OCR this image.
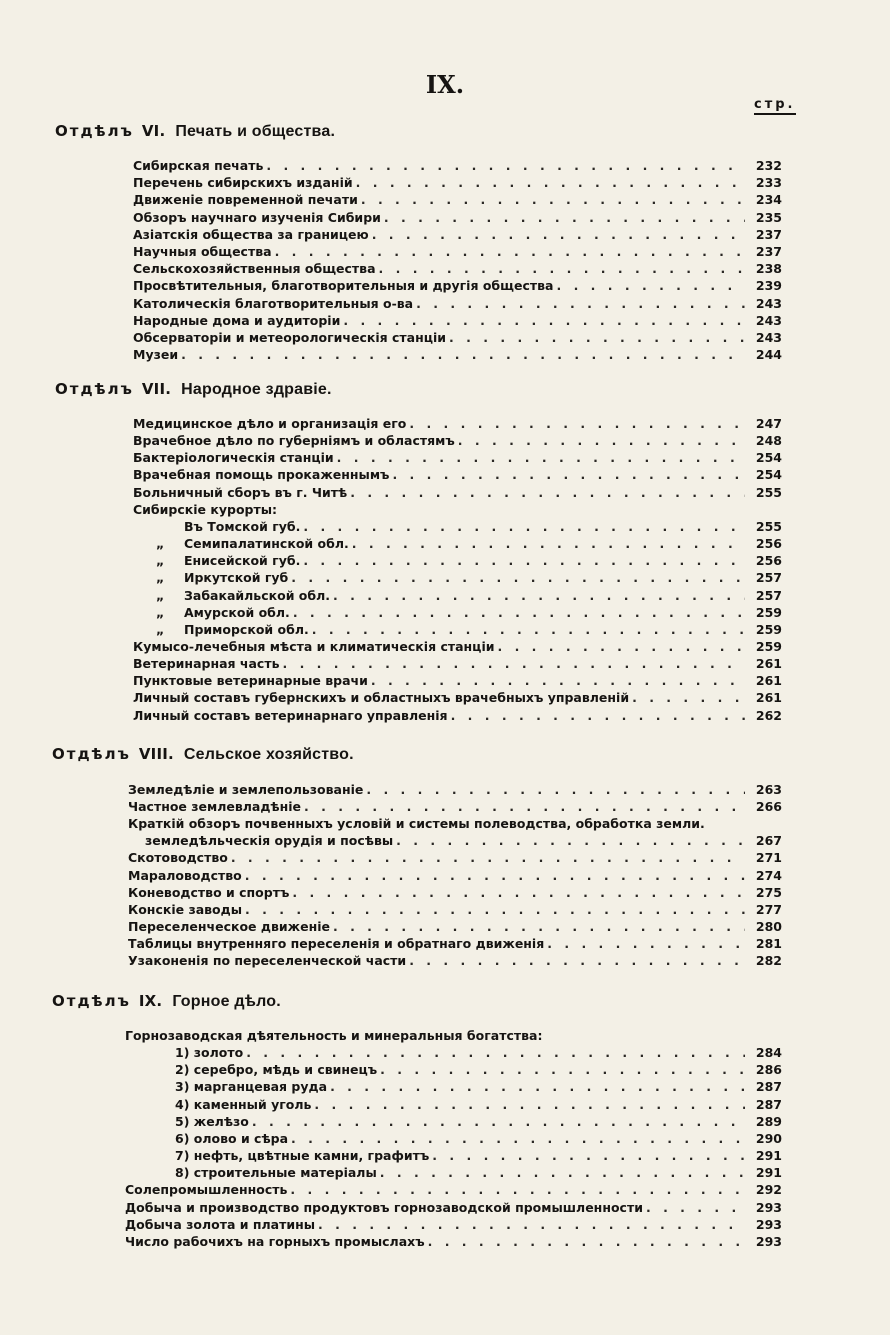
IX.
стр.
Отдѣлъ VI. Печать и общества.
Отдѣлъ VII. Народное здравіе.
Отдѣлъ VIII. Сельское хозяйство.
Отдѣлъ IX. Горное дѣло.
Сибирская печать . . .	232
Перечень сибирскихъ изданій . . .	233
Движеніе повременной печати . . .	234
Обзоръ научнаго изученія Сибири . . .	235
Азіатскія общества за границею . . .	237
Научныя общества . . .	237
Сельскохозяйственныя общества . . .	238
Просвѣтительныя, благотворительныя и другія общества . . .	239
Католическія благотворительныя о-ва . . .	243
Народные дома и аудиторіи . . .	243
Обсерваторіи и метеорологическія станціи . . .	243
Музеи . . .	244
Медицинское дѣло и организація его . . .	247
Врачебное дѣло по губерніямъ и областямъ . . .	248
Бактеріологическія станціи . . .	254
Врачебная помощь прокаженнымъ . . .	254
Больничный сборъ въ г. Читѣ . . .	255
Сибирскіе курорты:
Въ Томской губ. . . .	255
„ Семипалатинской обл. . . .	256
„ Енисейской губ. . . .	256
„ Иркутской губ . . .	257
„ Забакайльской обл. . . .	257
„ Амурской обл. . . .	259
„ Приморской обл. . . .	259
Кумысо-лечебныя мѣста и климатическія станціи . . .	259
Ветеринарная часть . . .	261
Пунктовые ветеринарные врачи . . .	261
Личный составъ губернскихъ и областныхъ врачебныхъ управленій . . .	261
Личный составъ ветеринарнаго управленія . . .	262
Земледѣліе и землепользованіе . . .	263
Частное землевладѣніе . . .	266
Краткій обзоръ почвенныхъ условій и системы полеводства, обработка земли.
земледѣльческія орудія и посѣвы . . .	267
Скотоводство . . .	271
Мараловодство . . .	274
Коневодство и спортъ . . .	275
Конскіе заводы . . .	277
Переселенческое движеніе . . .	280
Таблицы внутренняго переселенія и обратнаго движенія . . .	281
Узаконенія по переселенческой части . . .	282
Горнозаводская дѣятельность и минеральныя богатства:
1) золото . . .	284
2) серебро, мѣдь и свинецъ . . .	286
3) марганцевая руда . . .	287
4) каменный уголь . . .	287
5) желѣзо . . .	289
6) олово и сѣра . . .	290
7) нефть, цвѣтные камни, графитъ . . .	291
8) строительные матеріалы . . .	291
Солепромышленность . . .	292
Добыча и производство продуктовъ горнозаводской промышленности . . .	293
Добыча золота и платины . . .	293
Число рабочихъ на горныхъ промыслахъ . . .	293
